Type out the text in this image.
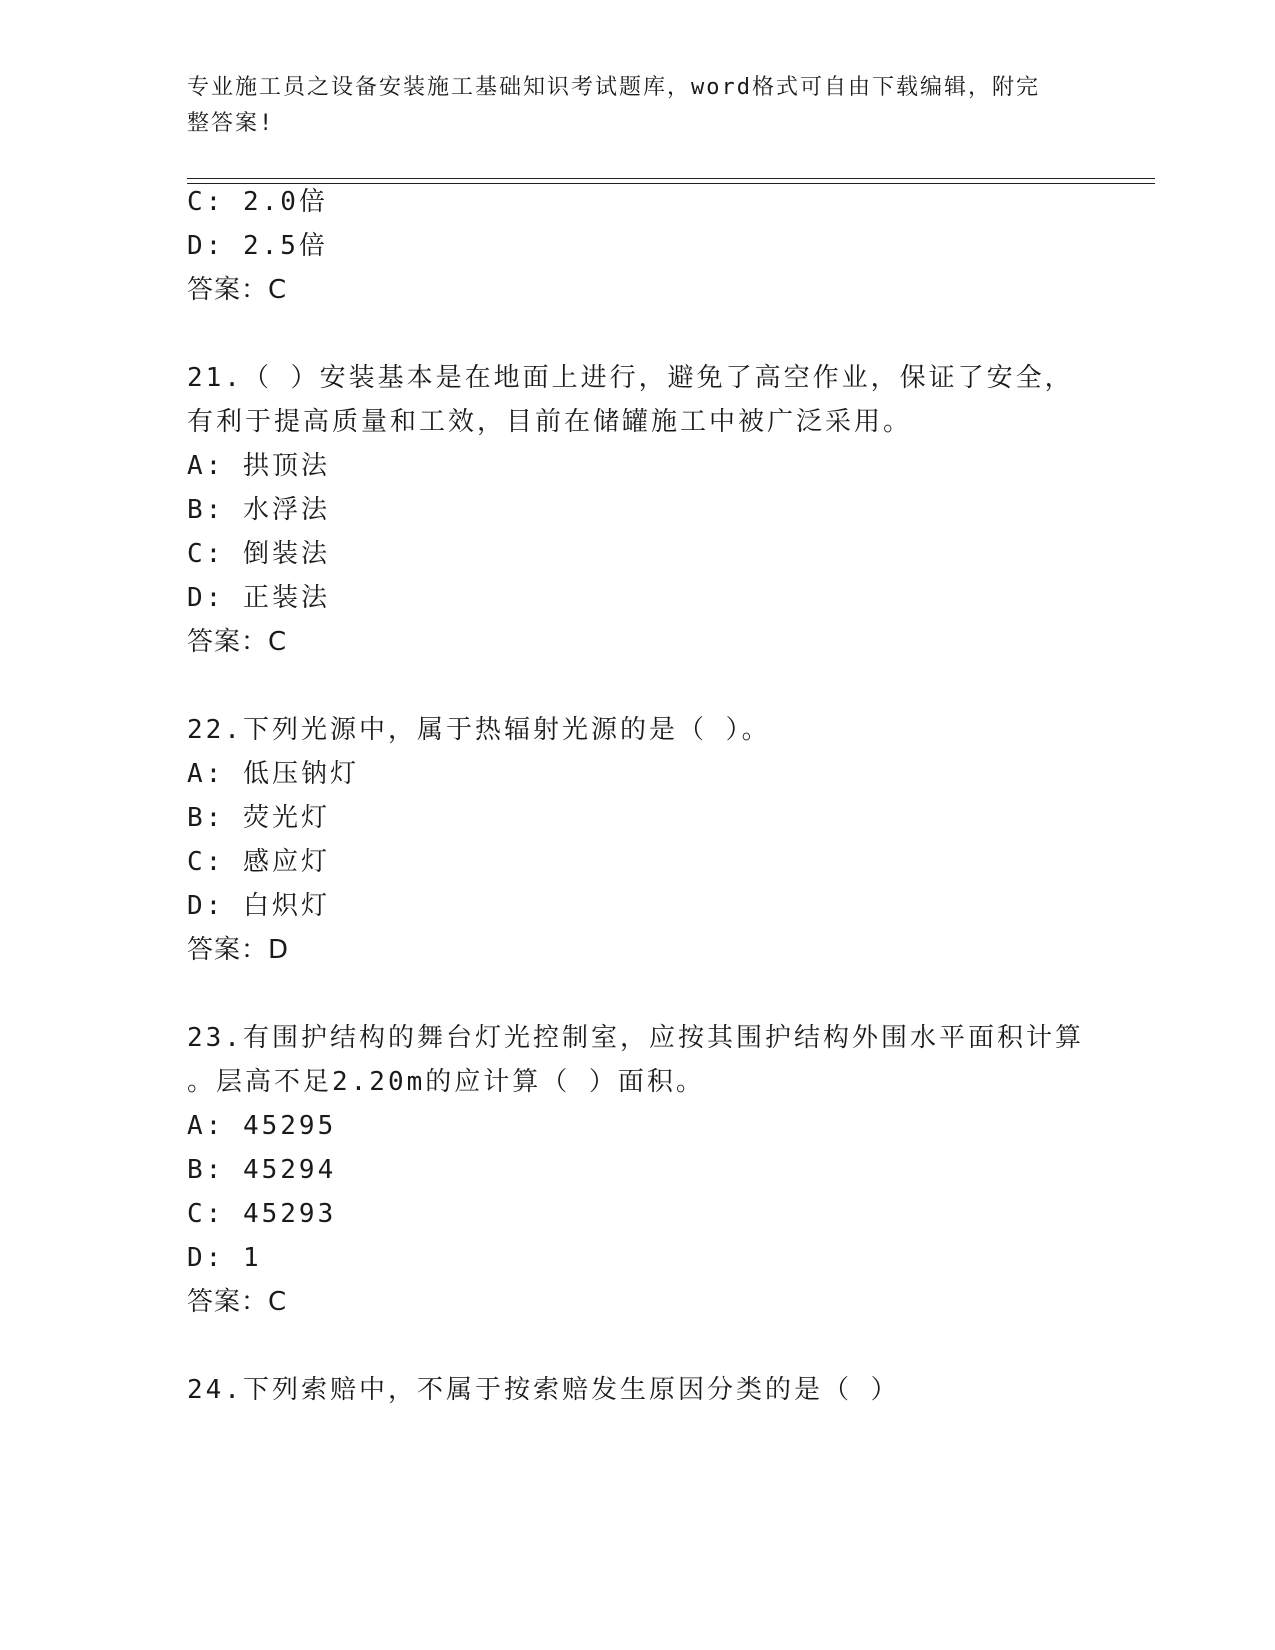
专业施工员之设备安装施工基础知识考试题库，word格式可自由下载编辑，附完
整答案!
C: 2.0倍
D: 2.5倍
答案：C
21.（ ）安装基本是在地面上进行，避免了高空作业，保证了安全，
有利于提高质量和工效，目前在储罐施工中被广泛采用。
A: 拱顶法
B: 水浮法
C: 倒装法
D: 正装法
答案：C
22.下列光源中，属于热辐射光源的是（ ）。
A: 低压钠灯
B: 荧光灯
C: 感应灯
D: 白炽灯
答案：D
23.有围护结构的舞台灯光控制室，应按其围护结构外围水平面积计算
。层高不足2.20m的应计算（ ）面积。
A: 45295
B: 45294
C: 45293
D: 1
答案：C
24.下列索赔中，不属于按索赔发生原因分类的是（ ）
